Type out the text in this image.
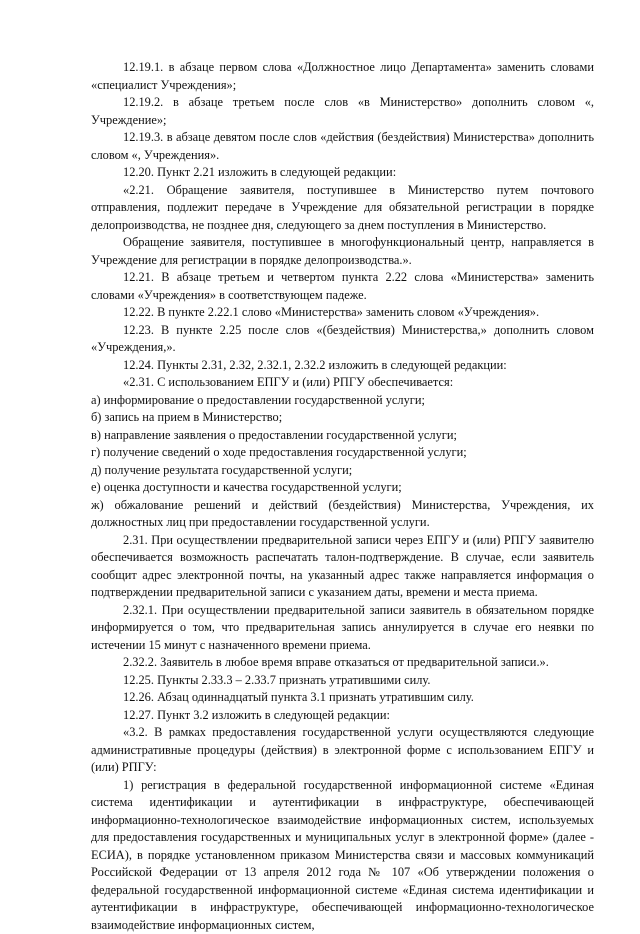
12.19.1. в абзаце первом слова «Должностное лицо Департамента» заменить словами «специалист Учреждения»;

12.19.2. в абзаце третьем после слов «в Министерство» дополнить словом «, Учреждение»;

12.19.3. в абзаце девятом после слов «действия (бездействия) Министерства» дополнить словом «, Учреждения».

12.20. Пункт 2.21 изложить в следующей редакции:

«2.21. Обращение заявителя, поступившее в Министерство путем почтового отправления, подлежит передаче в Учреждение для обязательной регистрации в порядке делопроизводства, не позднее дня, следующего за днем поступления в Министерство.

Обращение заявителя, поступившее в многофункциональный центр, направляется в Учреждение для регистрации в порядке делопроизводства.».

12.21. В абзаце третьем и четвертом пункта 2.22 слова «Министерства» заменить словами «Учреждения» в соответствующем падеже.

12.22. В пункте 2.22.1 слово «Министерства» заменить словом «Учреждения».

12.23. В пункте 2.25 после слов «(бездействия) Министерства,» дополнить словом «Учреждения,».

12.24. Пункты 2.31, 2.32, 2.32.1, 2.32.2 изложить в следующей редакции:

«2.31. С использованием ЕПГУ и (или) РПГУ обеспечивается:

а) информирование о предоставлении государственной услуги;

б) запись на прием в Министерство;

в) направление заявления о предоставлении государственной услуги;

г) получение сведений о ходе предоставления государственной услуги;

д) получение результата государственной услуги;

е) оценка доступности и качества государственной услуги;

ж) обжалование решений и действий (бездействия) Министерства, Учреждения, их должностных лиц при предоставлении государственной услуги.

2.31. При осуществлении предварительной записи через ЕПГУ и (или) РПГУ заявителю обеспечивается возможность распечатать талон-подтверждение. В случае, если заявитель сообщит адрес электронной почты, на указанный адрес также направляется информация о подтверждении предварительной записи с указанием даты, времени и места приема.

2.32.1. При осуществлении предварительной записи заявитель в обязательном порядке информируется о том, что предварительная запись аннулируется в случае его неявки по истечении 15 минут с назначенного времени приема.

2.32.2. Заявитель в любое время вправе отказаться от предварительной записи.».

12.25. Пункты 2.33.3 – 2.33.7 признать утратившими силу.

12.26. Абзац одиннадцатый пункта 3.1 признать утратившим силу.

12.27. Пункт 3.2 изложить в следующей редакции:

«3.2. В рамках предоставления государственной услуги осуществляются следующие административные процедуры (действия) в электронной форме с использованием ЕПГУ и (или) РПГУ:

1) регистрация в федеральной государственной информационной системе «Единая система идентификации и аутентификации в инфраструктуре, обеспечивающей информационно-технологическое взаимодействие информационных систем, используемых для предоставления государственных и муниципальных услуг в электронной форме» (далее - ЕСИА), в порядке установленном приказом Министерства связи и массовых коммуникаций Российской Федерации от 13 апреля 2012 года № 107 «Об утверждении положения о федеральной государственной информационной системе «Единая система идентификации и аутентификации в инфраструктуре, обеспечивающей информационно-технологическое взаимодействие информационных систем,
